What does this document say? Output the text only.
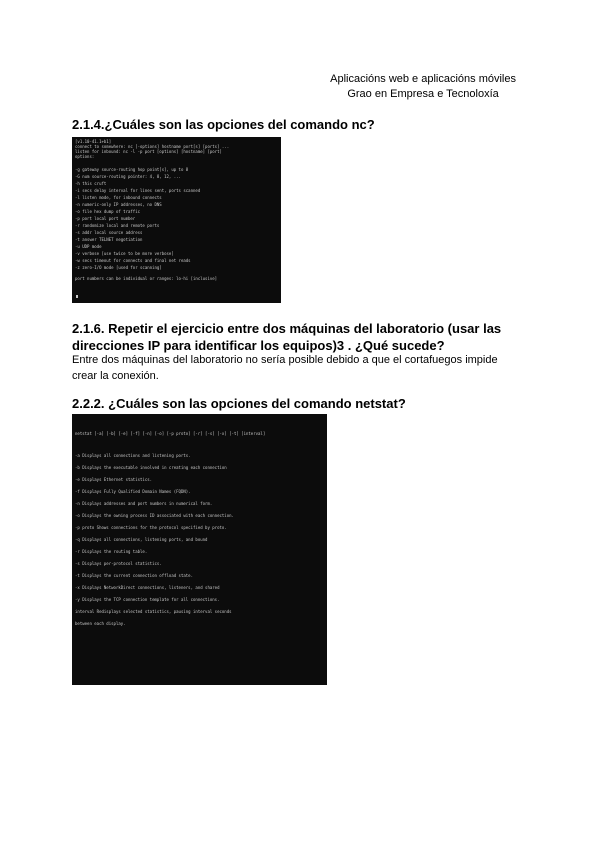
Aplicacións web e aplicacións móviles
Grao en Empresa e Tecnoloxía
2.1.4.¿Cuáles son las opciones del comando nc?
[v1.10-41.1+b1]
connect to somewhere: nc [-options] hostname port[s] [ports] ...
listen for inbound: nc -l -p port [options] [hostname] [port]
options:
-g gateway source-routing hop point[s], up to 8
-G num source-routing pointer: 4, 8, 12, ...
-h this cruft
-i secs delay interval for lines sent, ports scanned
-l listen mode, for inbound connects
-n numeric-only IP addresses, no DNS
-o file hex dump of traffic
-p port local port number
-r randomize local and remote ports
-s addr local source address
-t answer TELNET negotiation
-u UDP mode
-v verbose [use twice to be more verbose]
-w secs timeout for connects and final net reads
-z zero-I/O mode [used for scanning]
port numbers can be individual or ranges: lo-hi [inclusive]
2.1.6. Repetir el ejercicio entre dos máquinas del laboratorio (usar las
direcciones IP para identificar los equipos)3 . ¿Qué sucede?

Entre dos máquinas del laboratorio no sería posible debido a que el cortafuegos impide

crear la conexión.

2.2.2. ¿Cuáles son las opciones del comando netstat?
netstat [-a] [-b] [-e] [-f] [-n] [-o] [-p proto] [-r] [-s] [-x] [-t] [interval]
-a Displays all connections and listening ports.
-b Displays the executable involved in creating each connection
-e Displays Ethernet statistics.
-f Displays Fully Qualified Domain Names (FQDN).
-n Displays addresses and port numbers in numerical form.
-o Displays the owning process ID associated with each connection.
-p proto Shows connections for the protocol specified by proto.
-q Displays all connections, listening ports, and bound
-r Displays the routing table.
-s Displays per-protocol statistics.
-t Displays the current connection offload state.
-x Displays NetworkDirect connections, listeners, and shared
-y Displays the TCP connection template for all connections.
interval Redisplays selected statistics, pausing interval seconds
between each display.
